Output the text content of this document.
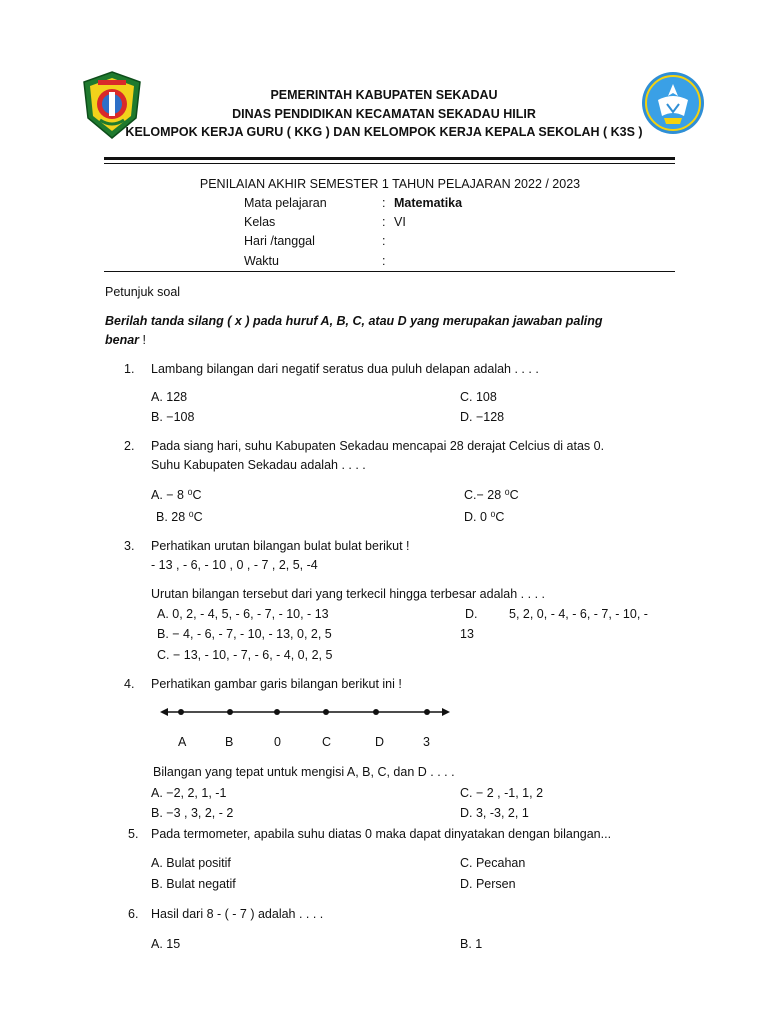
PEMERINTAH KABUPATEN SEKADAU
DINAS PENDIDIKAN KECAMATAN SEKADAU HILIR
KELOMPOK KERJA GURU ( KKG ) DAN KELOMPOK KERJA KEPALA SEKOLAH ( K3S )
PENILAIAN AKHIR SEMESTER 1 TAHUN PELAJARAN 2022 / 2023
Mata pelajaran	: Matematika
Kelas	: VI
Hari /tanggal	:
Waktu	:
Petunjuk soal
Berilah tanda silang ( x ) pada huruf A, B, C, atau D yang merupakan jawaban paling
benar !
1. Lambang bilangan dari negatif seratus dua puluh delapan adalah . . . .
A. 128	C. 108
B. −108	D. −128
2. Pada siang hari, suhu Kabupaten Sekadau mencapai 28 derajat Celcius di atas 0.
Suhu Kabupaten Sekadau adalah . . . .
A. − 8 ⁰C	C.− 28 ⁰C
B. 28 ⁰C	D. 0 ⁰C
3. Perhatikan urutan bilangan bulat bulat berikut !
- 13 , - 6, - 10 , 0 , - 7 , 2, 5, -4
Urutan bilangan tersebut dari yang terkecil hingga terbesar adalah . . . .
A. 0, 2, - 4, 5, - 6, - 7, - 10, - 13
B. − 4, - 6, - 7, - 10, - 13, 0, 2, 5
C. − 13, - 10, - 7, - 6, - 4, 0, 2, 5
D.	5, 2, 0, - 4, - 6, - 7, - 10, -
13
4. Perhatikan gambar garis bilangan berikut ini !
A	B	0	C	D	3
Bilangan yang tepat untuk mengisi A, B, C, dan D . . . .
A. −2, 2, 1, -1	C. − 2 , -1, 1, 2
B. −3 , 3, 2, - 2	D. 3, -3, 2, 1
5. Pada termometer, apabila suhu diatas 0 maka dapat dinyatakan dengan bilangan...
A. Bulat positif	C. Pecahan
B. Bulat negatif	D. Persen
6. Hasil dari 8 - ( - 7 ) adalah . . . .
A. 15	B. 1
